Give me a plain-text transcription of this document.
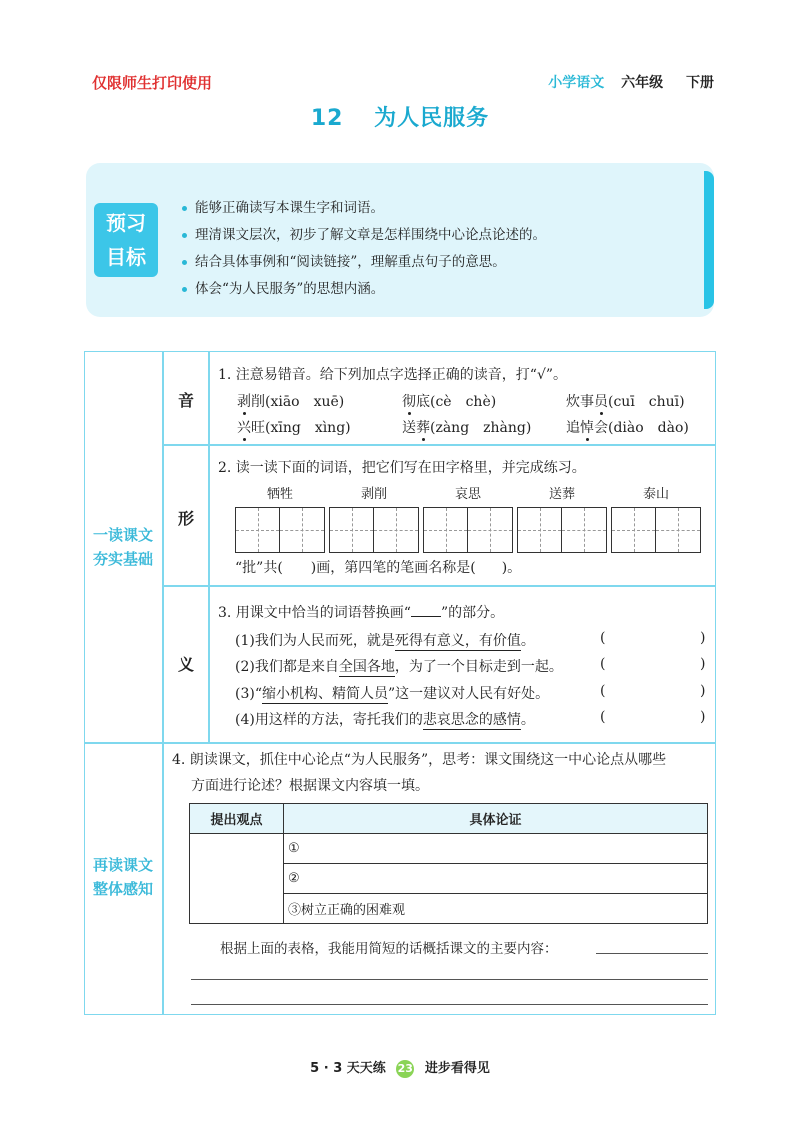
仅限师生打印使用	小学语文 六年级 下册
12 为人民服务
预习
目标
能够正确读写本课生字和词语。
理清课文层次，初步了解文章是怎样围绕中心论点论述的。
结合具体事例和“阅读链接”，理解重点句子的意思。
体会“为人民服务”的思想内涵。
一读课文
夯实基础
再读课文
整体感知
音
形
义
1. 注意易错音。给下列加点字选择正确的读音，打“√”。
剥削(xiāo　xuē)	彻底(cè　chè)	炊事员(cuī　chuī)
兴旺(xīng　xìng)	送葬(zàng　zhàng) 追悼会(diào　dào)
2. 读一读下面的词语，把它们写在田字格里，并完成练习。
牺牲	剥削	哀思	送葬	泰山
“批”共( )画，第四笔的笔画名称是( )。
3. 用课文中恰当的词语替换画“ ”的部分。
(1)我们为人民而死，就是死得有意义，有价值。
(2)我们都是来自全国各地，为了一个目标走到一起。
(3)“缩小机构、精简人员”这一建议对人民有好处。
(4)用这样的方法，寄托我们的悲哀思念的感情。
(	)
(	)
(	)
(	)
4. 朗读课文，抓住中心论点“为人民服务”，思考：课文围绕这一中心论点从哪些
方面进行论述？根据课文内容填一填。
提出观点	具体论证
	①
	②
	③树立正确的困难观
根据上面的表格，我能用简短的话概括课文的主要内容：
5 · 3 天天练 23 进步看得见
